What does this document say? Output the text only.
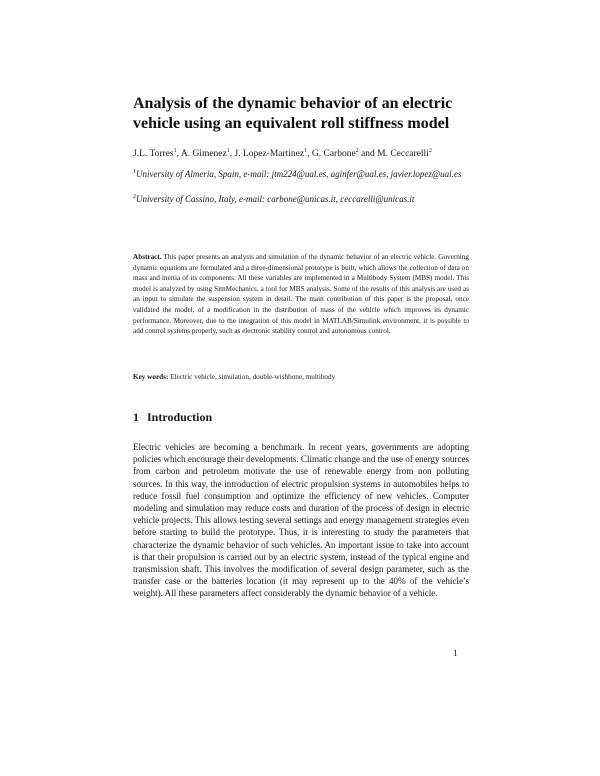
Analysis of the dynamic behavior of an electric vehicle using an equivalent roll stiffness model
J.L. Torres$^1$, A. Gimenez$^1$, J. Lopez-Martinez$^1$, G. Carbone$^2$ and M. Ceccarelli$^2$
$^1$University of Almeria, Spain, e-mail: jtm224@ual.es, aginfer@ual.es, javier.lopez@ual.es
$^2$University of Cassino, Italy, e-mail: carbone@unicas.it, ceccarelli@unicas.it
Abstract. This paper presents an analysis and simulation of the dynamic behavior of an electric vehicle. Governing dynamic equations are formulated and a three-dimensional prototype is built, which allows the collection of data on mass and inertia of its components. All these variables are implemented in a Multibody System (MBS) model. This model is analyzed by using SimMechanics, a tool for MBS analysis. Some of the results of this analysis are used as an input to simulate the suspension system in detail. The main contribution of this paper is the proposal, once validated the model, of a modification in the distribution of mass of the vehicle which improves its dynamic performance. Moreover, due to the integration of this model in MATLAB/Simulink environment, it is possible to add control systems properly, such as electronic stability control and autonomous control.
Key words: Electric vehicle, simulation, double-wishbone, multibody
1 Introduction
Electric vehicles are becoming a benchmark. In recent years, governments are adopting policies which encourage their developments. Climatic change and the use of energy sources from carbon and petroleum motivate the use of renewable energy from non polluting sources. In this way, the introduction of electric propulsion systems in automobiles helps to reduce fossil fuel consumption and optimize the efficiency of new vehicles. Computer modeling and simulation may reduce costs and duration of the process of design in electric vehicle projects. This allows testing several settings and energy management strategies even before starting to build the prototype. Thus, it is interesting to study the parameters that characterize the dynamic behavior of such vehicles. An important issue to take into account is that their propulsion is carried out by an electric system, instead of the typical engine and transmission shaft. This involves the modification of several design parameter, such as the transfer case or the batteries location (it may represent up to the 40% of the vehicle’s weight). All these parameters affect considerably the dynamic behavior of a vehicle.
1
